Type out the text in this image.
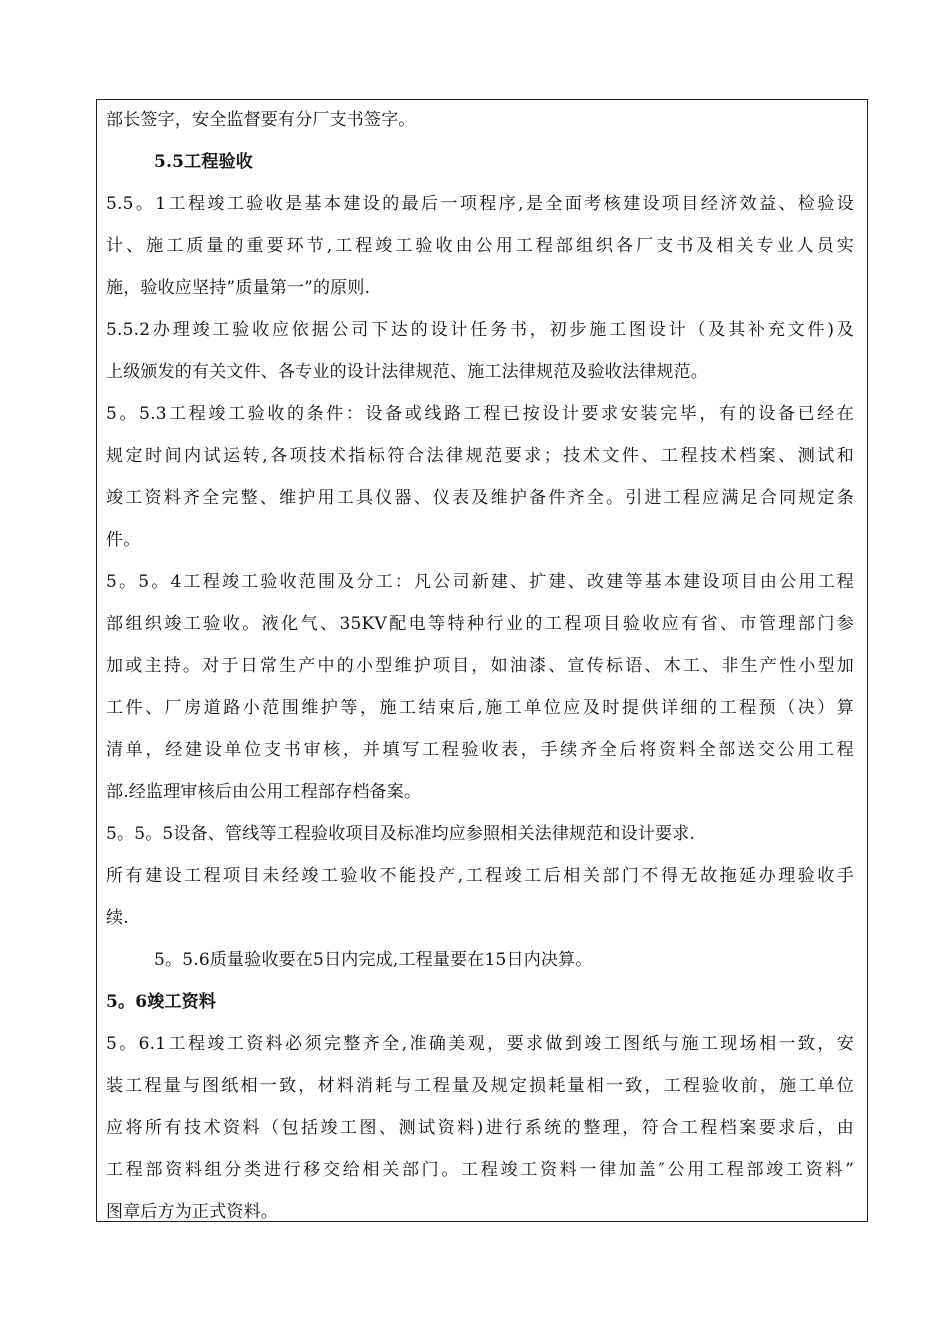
部长签字，安全监督要有分厂支书签字。
5.5工程验收
5.5。1工程竣工验收是基本建设的最后一项程序,是全面考核建设项目经济效益、检验设
计、施工质量的重要环节,工程竣工验收由公用工程部组织各厂支书及相关专业人员实
施，验收应坚持”质量第一”的原则.
5.5.2办理竣工验收应依据公司下达的设计任务书，初步施工图设计（及其补充文件)及
上级颁发的有关文件、各专业的设计法律规范、施工法律规范及验收法律规范。
5。5.3工程竣工验收的条件：设备或线路工程已按设计要求安装完毕，有的设备已经在
规定时间内试运转,各项技术指标符合法律规范要求；技术文件、工程技术档案、测试和
竣工资料齐全完整、维护用工具仪器、仪表及维护备件齐全。引进工程应满足合同规定条
件。
5。5。4工程竣工验收范围及分工：凡公司新建、扩建、改建等基本建设项目由公用工程
部组织竣工验收。液化气、35KV配电等特种行业的工程项目验收应有省、市管理部门参
加或主持。对于日常生产中的小型维护项目，如油漆、宣传标语、木工、非生产性小型加
工件、厂房道路小范围维护等，施工结束后,施工单位应及时提供详细的工程预（决）算
清单，经建设单位支书审核，并填写工程验收表，手续齐全后将资料全部送交公用工程
部.经监理审核后由公用工程部存档备案。
5。5。5设备、管线等工程验收项目及标准均应参照相关法律规范和设计要求.
所有建设工程项目未经竣工验收不能投产,工程竣工后相关部门不得无故拖延办理验收手
续.
5。5.6质量验收要在5日内完成,工程量要在15日内决算。
5。6竣工资料
5。6.1工程竣工资料必须完整齐全,准确美观，要求做到竣工图纸与施工现场相一致，安
装工程量与图纸相一致，材料消耗与工程量及规定损耗量相一致，工程验收前，施工单位
应将所有技术资料（包括竣工图、测试资料)进行系统的整理，符合工程档案要求后，由
工程部资料组分类进行移交给相关部门。工程竣工资料一律加盖″公用工程部竣工资料”
图章后方为正式资料。
